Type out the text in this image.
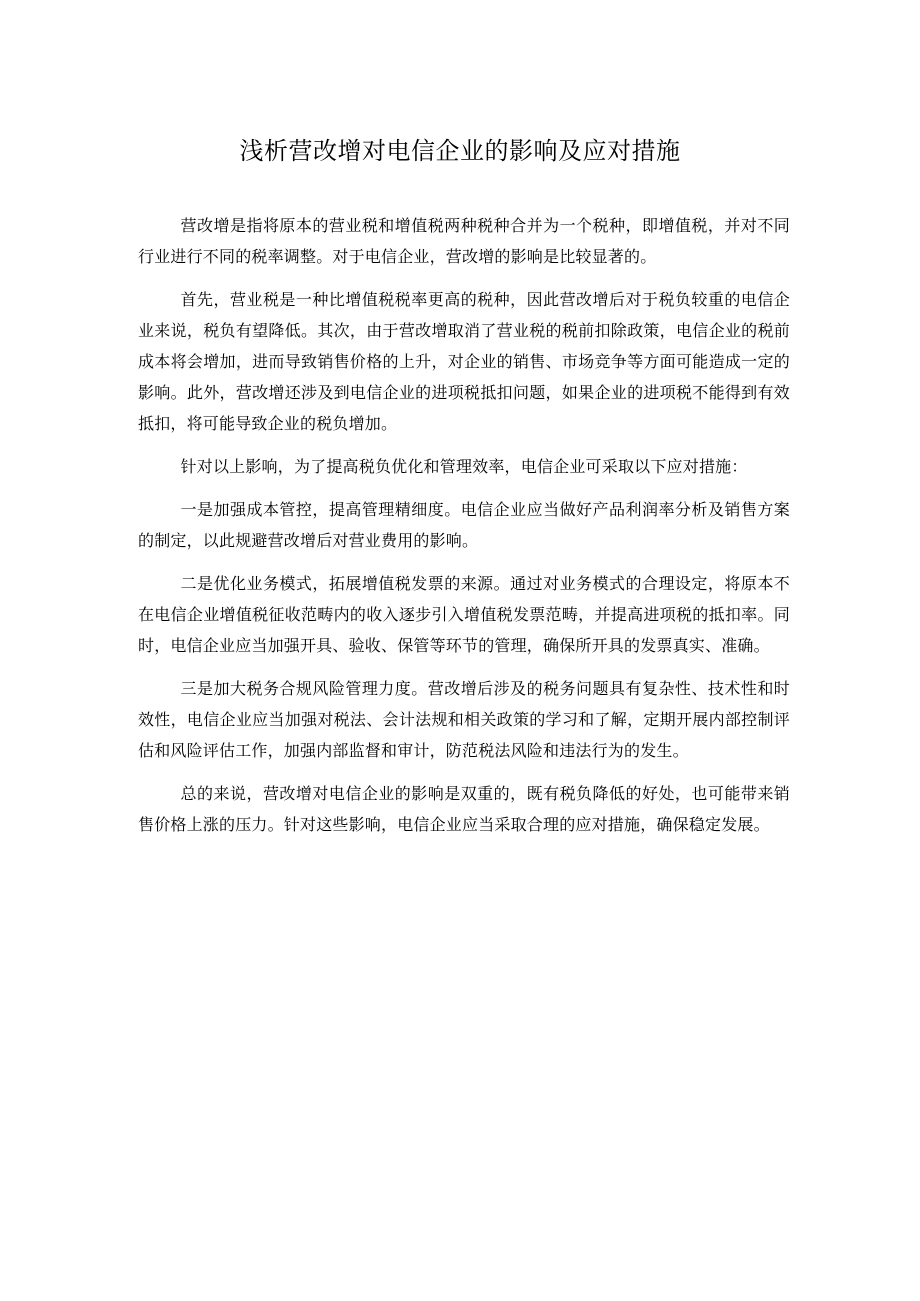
浅析营改增对电信企业的影响及应对措施

营改增是指将原本的营业税和增值税两种税种合并为一个税种，即增值税，并对不同行业进行不同的税率调整。对于电信企业，营改增的影响是比较显著的。

首先，营业税是一种比增值税税率更高的税种，因此营改增后对于税负较重的电信企业来说，税负有望降低。其次，由于营改增取消了营业税的税前扣除政策，电信企业的税前成本将会增加，进而导致销售价格的上升，对企业的销售、市场竞争等方面可能造成一定的影响。此外，营改增还涉及到电信企业的进项税抵扣问题，如果企业的进项税不能得到有效抵扣，将可能导致企业的税负增加。

针对以上影响，为了提高税负优化和管理效率，电信企业可采取以下应对措施：

一是加强成本管控，提高管理精细度。电信企业应当做好产品利润率分析及销售方案的制定，以此规避营改增后对营业费用的影响。

二是优化业务模式，拓展增值税发票的来源。通过对业务模式的合理设定，将原本不在电信企业增值税征收范畴内的收入逐步引入增值税发票范畴，并提高进项税的抵扣率。同时，电信企业应当加强开具、验收、保管等环节的管理，确保所开具的发票真实、准确。

三是加大税务合规风险管理力度。营改增后涉及的税务问题具有复杂性、技术性和时效性，电信企业应当加强对税法、会计法规和相关政策的学习和了解，定期开展内部控制评估和风险评估工作，加强内部监督和审计，防范税法风险和违法行为的发生。

总的来说，营改增对电信企业的影响是双重的，既有税负降低的好处，也可能带来销售价格上涨的压力。针对这些影响，电信企业应当采取合理的应对措施，确保稳定发展。
